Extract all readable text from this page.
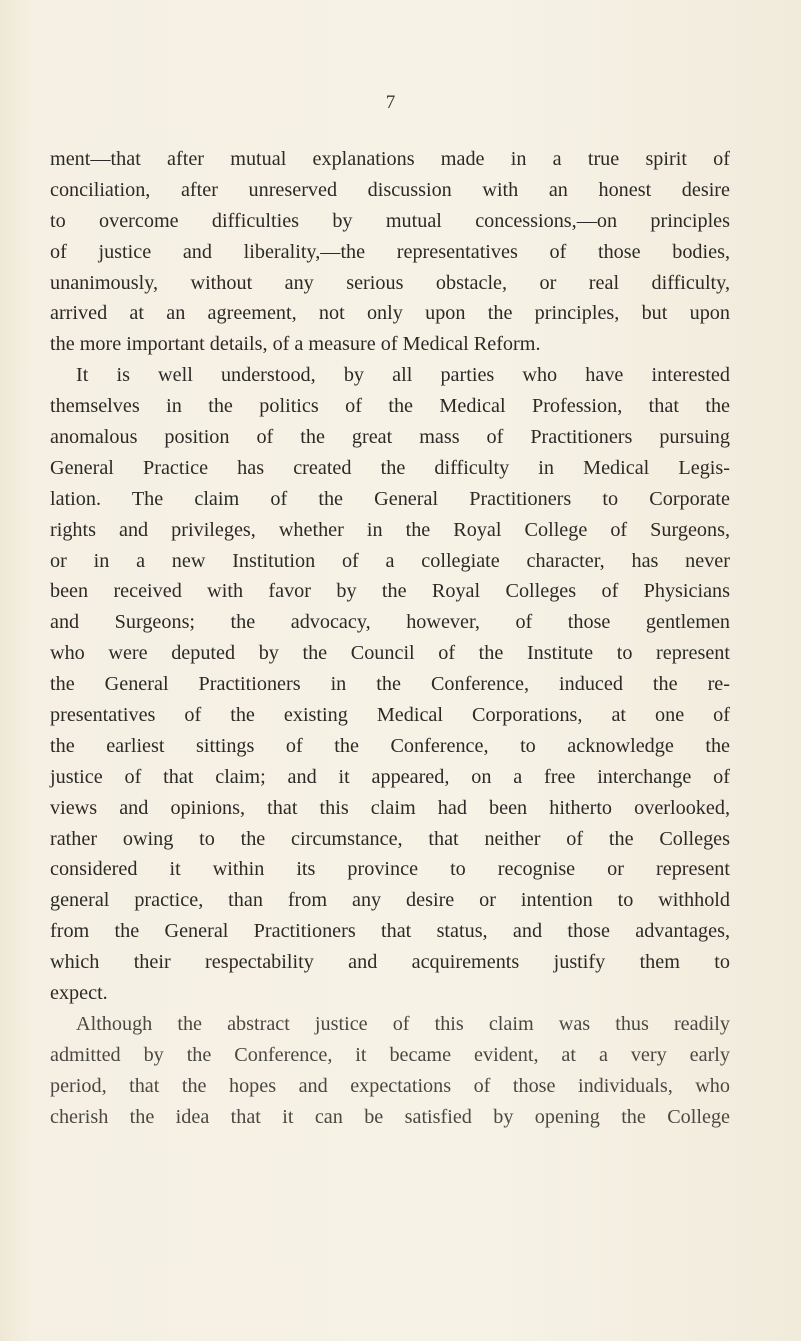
7
ment—that after mutual explanations made in a true spirit of
conciliation, after unreserved discussion with an honest desire
to overcome difficulties by mutual concessions,—on principles
of justice and liberality,—the representatives of those bodies,
unanimously, without any serious obstacle, or real difficulty,
arrived at an agreement, not only upon the principles, but upon
the more important details, of a measure of Medical Reform.
It is well understood, by all parties who have interested
themselves in the politics of the Medical Profession, that the
anomalous position of the great mass of Practitioners pursuing
General Practice has created the difficulty in Medical Legis-
lation. The claim of the General Practitioners to Corporate
rights and privileges, whether in the Royal College of Surgeons,
or in a new Institution of a collegiate character, has never
been received with favor by the Royal Colleges of Physicians
and Surgeons; the advocacy, however, of those gentlemen
who were deputed by the Council of the Institute to represent
the General Practitioners in the Conference, induced the re-
presentatives of the existing Medical Corporations, at one of
the earliest sittings of the Conference, to acknowledge the
justice of that claim; and it appeared, on a free interchange of
views and opinions, that this claim had been hitherto overlooked,
rather owing to the circumstance, that neither of the Colleges
considered it within its province to recognise or represent
general practice, than from any desire or intention to withhold
from the General Practitioners that status, and those advantages,
which their respectability and acquirements justify them to
expect.
Although the abstract justice of this claim was thus readily
admitted by the Conference, it became evident, at a very early
period, that the hopes and expectations of those individuals, who
cherish the idea that it can be satisfied by opening the College
